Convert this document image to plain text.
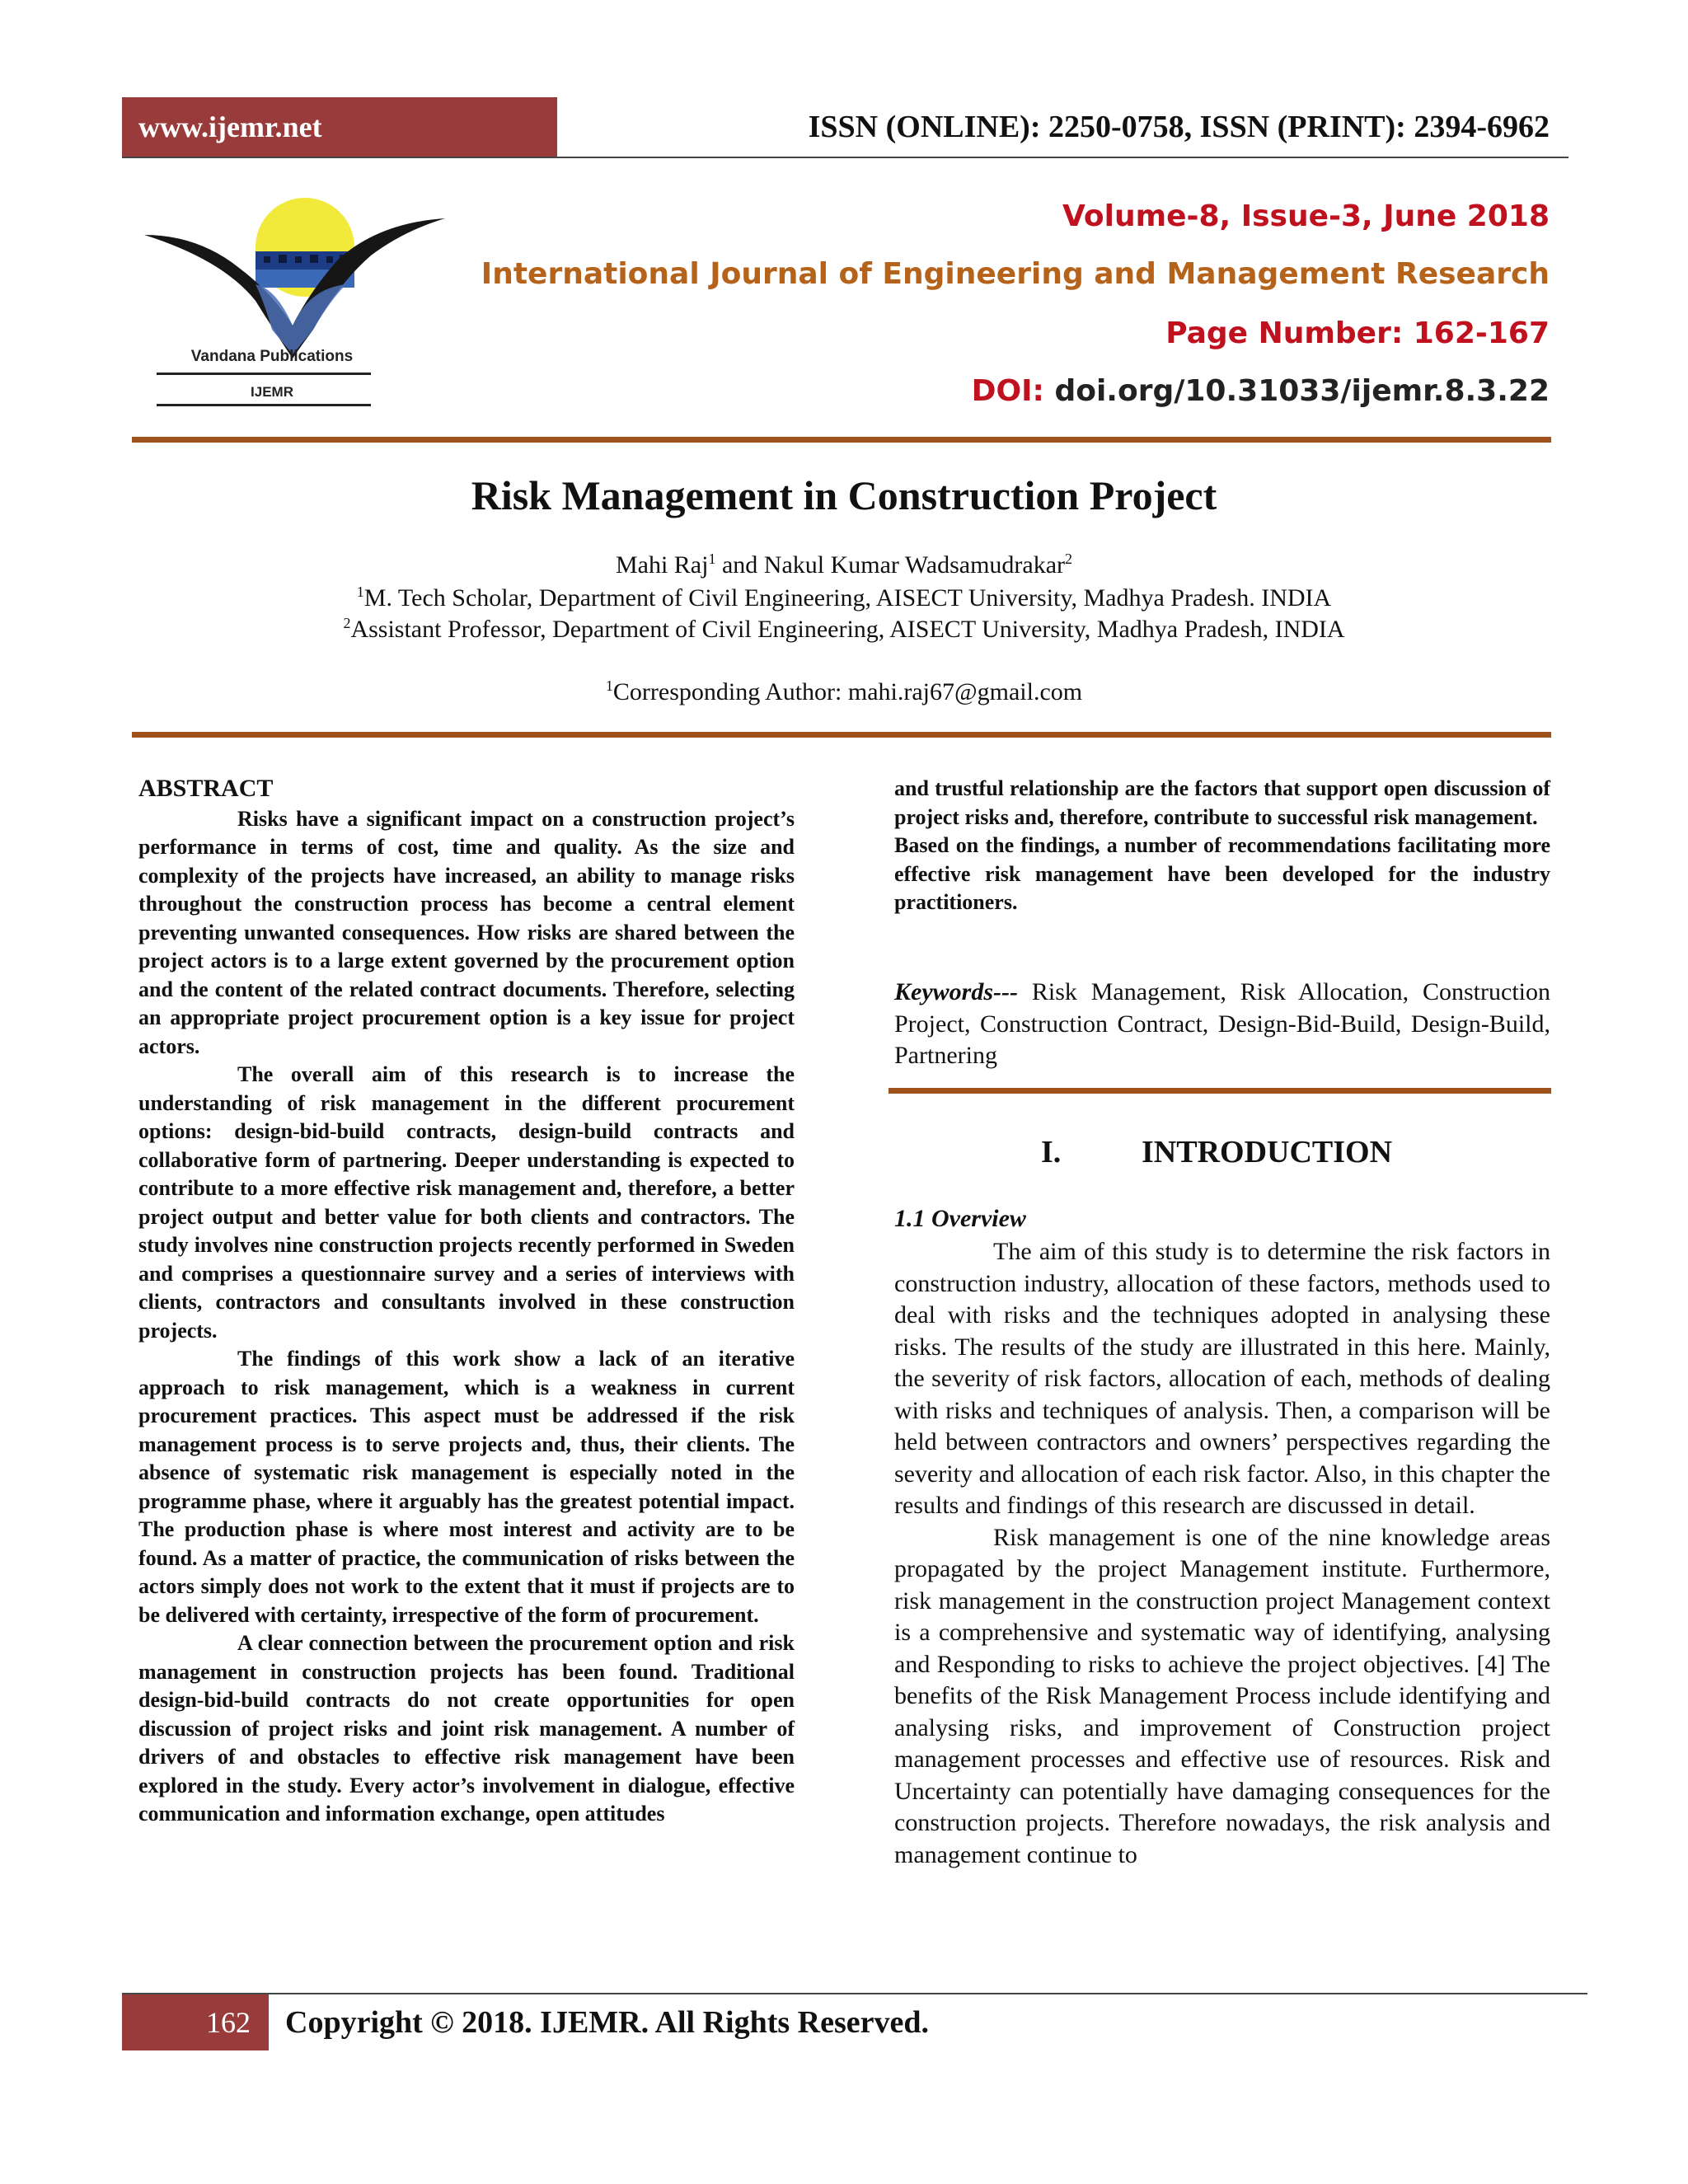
www.ijemr.net	ISSN (ONLINE): 2250-0758, ISSN (PRINT): 2394-6962
Vandana Publications
IJEMR
Volume-8, Issue-3, June 2018
International Journal of Engineering and Management Research
Page Number: 162-167
DOI: doi.org/10.31033/ijemr.8.3.22
Risk Management in Construction Project
Mahi Raj$^1$ and Nakul Kumar Wadsamudrakar$^2$
$^1$M. Tech Scholar, Department of Civil Engineering, AISECT University, Madhya Pradesh. INDIA
$^2$Assistant Professor, Department of Civil Engineering, AISECT University, Madhya Pradesh, INDIA
$^1$Corresponding Author: mahi.raj67@gmail.com

ABSTRACT

Risks have a significant impact on a construction project’s performance in terms of cost, time and quality. As the size and complexity of the projects have increased, an ability to manage risks throughout the construction process has become a central element preventing unwanted consequences. How risks are shared between the project actors is to a large extent governed by the procurement option and the content of the related contract documents. Therefore, selecting an appropriate project procurement option is a key issue for project actors.

The overall aim of this research is to increase the understanding of risk management in the different procurement options: design-bid-build contracts, design-build contracts and collaborative form of partnering. Deeper understanding is expected to contribute to a more effective risk management and, therefore, a better project output and better value for both clients and contractors. The study involves nine construction projects recently performed in Sweden and comprises a questionnaire survey and a series of interviews with clients, contractors and consultants involved in these construction projects.

The findings of this work show a lack of an iterative approach to risk management, which is a weakness in current procurement practices. This aspect must be addressed if the risk management process is to serve projects and, thus, their clients. The absence of systematic risk management is especially noted in the programme phase, where it arguably has the greatest potential impact. The production phase is where most interest and activity are to be found. As a matter of practice, the communication of risks between the actors simply does not work to the extent that it must if projects are to be delivered with certainty, irrespective of the form of procurement.

A clear connection between the procurement option and risk management in construction projects has been found. Traditional design-bid-build contracts do not create opportunities for open discussion of project risks and joint risk management. A number of drivers of and obstacles to effective risk management have been explored in the study. Every actor’s involvement in dialogue, effective communication and information exchange, open attitudes

and trustful relationship are the factors that support open discussion of project risks and, therefore, contribute to successful risk management.

Based on the findings, a number of recommendations facilitating more effective risk management have been developed for the industry practitioners.

Keywords--- Risk Management, Risk Allocation, Construction Project, Construction Contract, Design-Bid-Build, Design-Build, Partnering
I.	INTRODUCTION
1.1 Overview

The aim of this study is to determine the risk factors in construction industry, allocation of these factors, methods used to deal with risks and the techniques adopted in analysing these risks. The results of the study are illustrated in this here. Mainly, the severity of risk factors, allocation of each, methods of dealing with risks and techniques of analysis. Then, a comparison will be held between contractors and owners’ perspectives regarding the severity and allocation of each risk factor. Also, in this chapter the results and findings of this research are discussed in detail.

Risk management is one of the nine knowledge areas propagated by the project Management institute. Furthermore, risk management in the construction project Management context is a comprehensive and systematic way of identifying, analysing and Responding to risks to achieve the project objectives. [4] The benefits of the Risk Management Process include identifying and analysing risks, and improvement of Construction project management processes and effective use of resources. Risk and Uncertainty can potentially have damaging consequences for the construction projects. Therefore nowadays, the risk analysis and management continue to

162 Copyright © 2018. IJEMR. All Rights Reserved.
